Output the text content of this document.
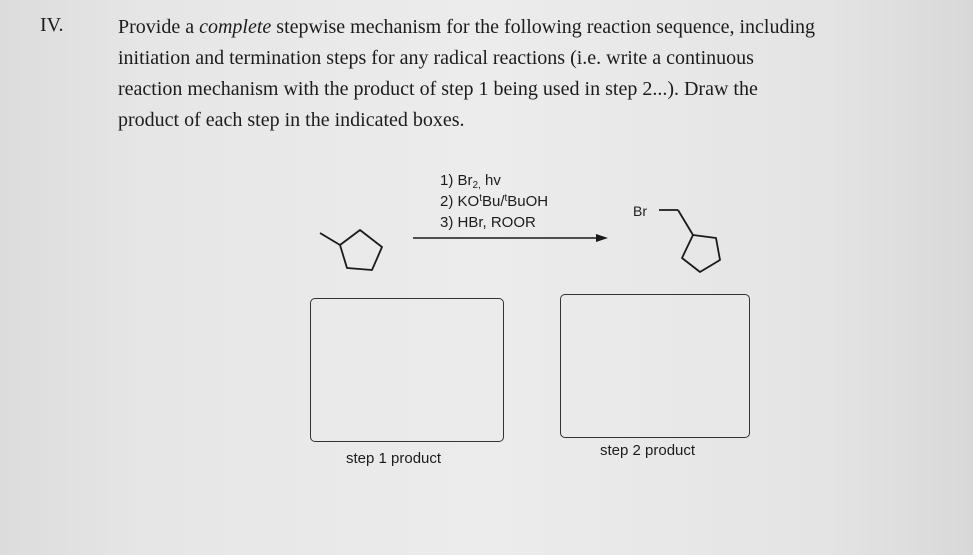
IV.	Provide a complete stepwise mechanism for the following reaction sequence, including
initiation and termination steps for any radical reactions (i.e. write a continuous
reaction mechanism with the product of step 1 being used in step 2...). Draw the
product of each step in the indicated boxes.
1) $Br_{2,}$ hv
2) $KO^tBu/^tBuOH$
3) HBr, ROOR
Br
step 1 product	step 2 product
